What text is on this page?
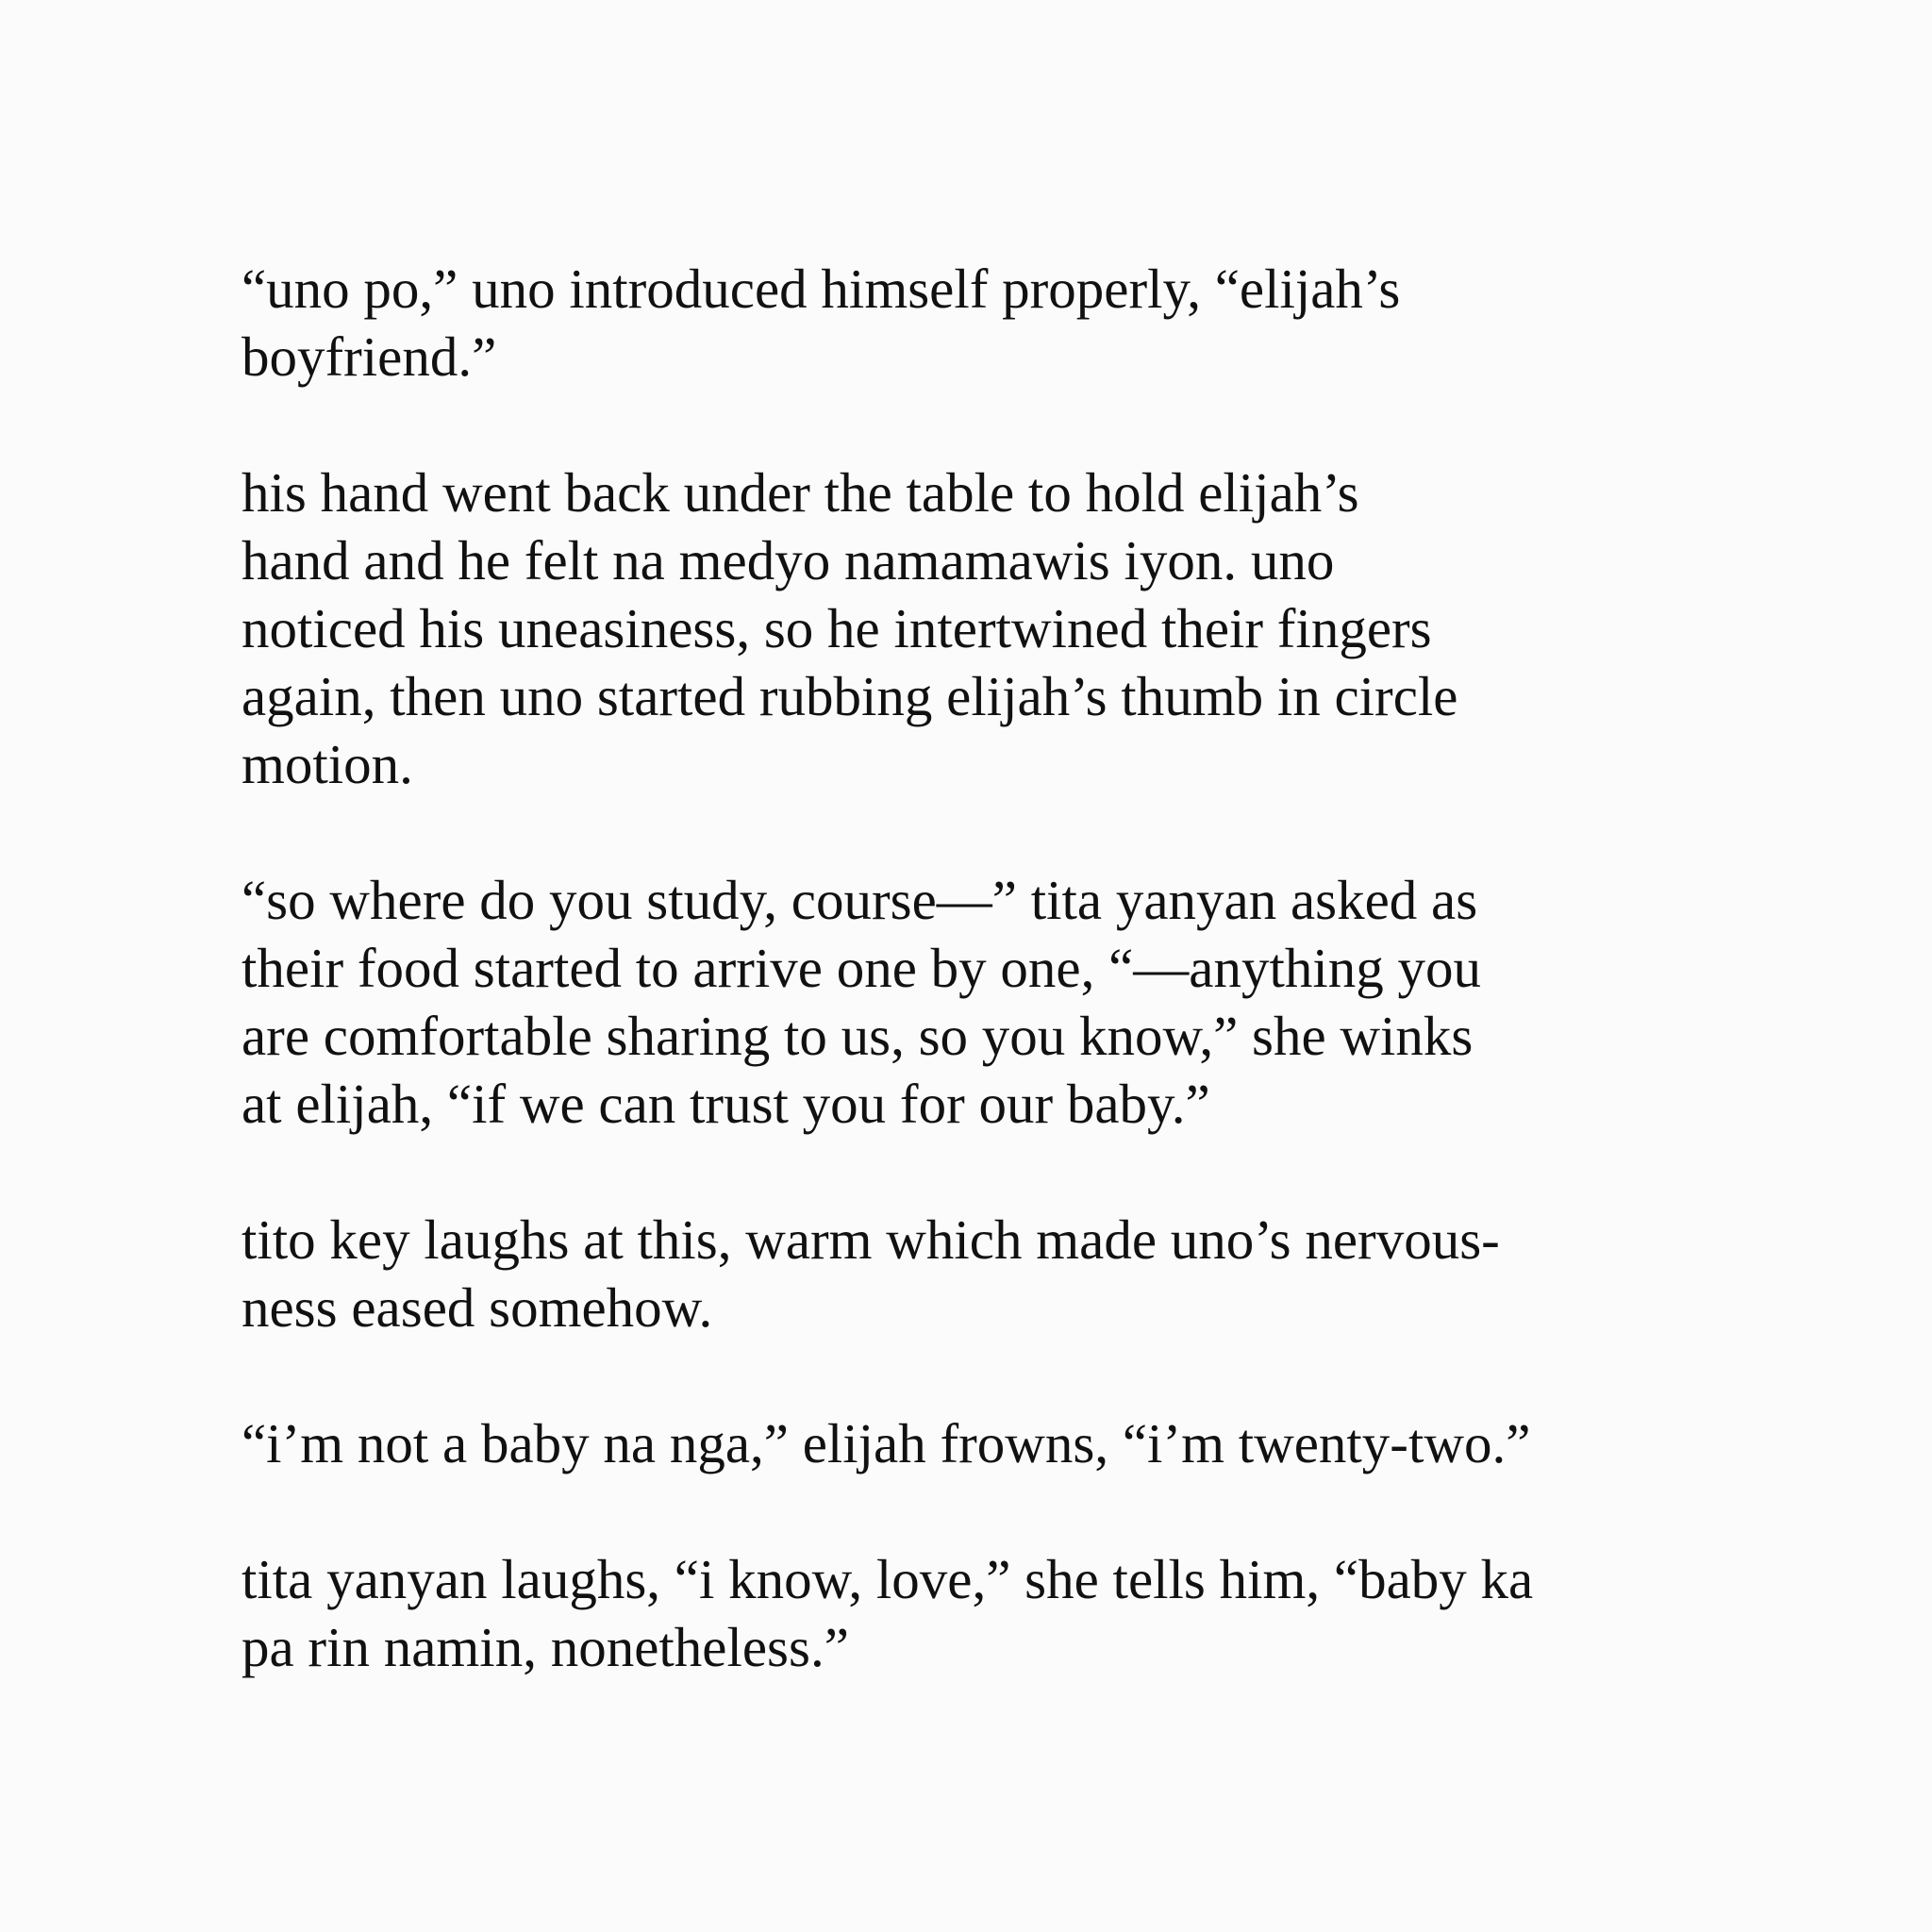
“uno po,” uno introduced himself properly, “elijah’s
boyfriend.”

his hand went back under the table to hold elijah’s
hand and he felt na medyo namamawis iyon. uno
noticed his uneasiness, so he intertwined their fingers
again, then uno started rubbing elijah’s thumb in circle
motion.

“so where do you study, course—” tita yanyan asked as
their food started to arrive one by one, “—anything you
are comfortable sharing to us, so you know,” she winks
at elijah, “if we can trust you for our baby.”

tito key laughs at this, warm which made uno’s nervous-
ness eased somehow.

“i’m not a baby na nga,” elijah frowns, “i’m twenty-two.”

tita yanyan laughs, “i know, love,” she tells him, “baby ka
pa rin namin, nonetheless.”
